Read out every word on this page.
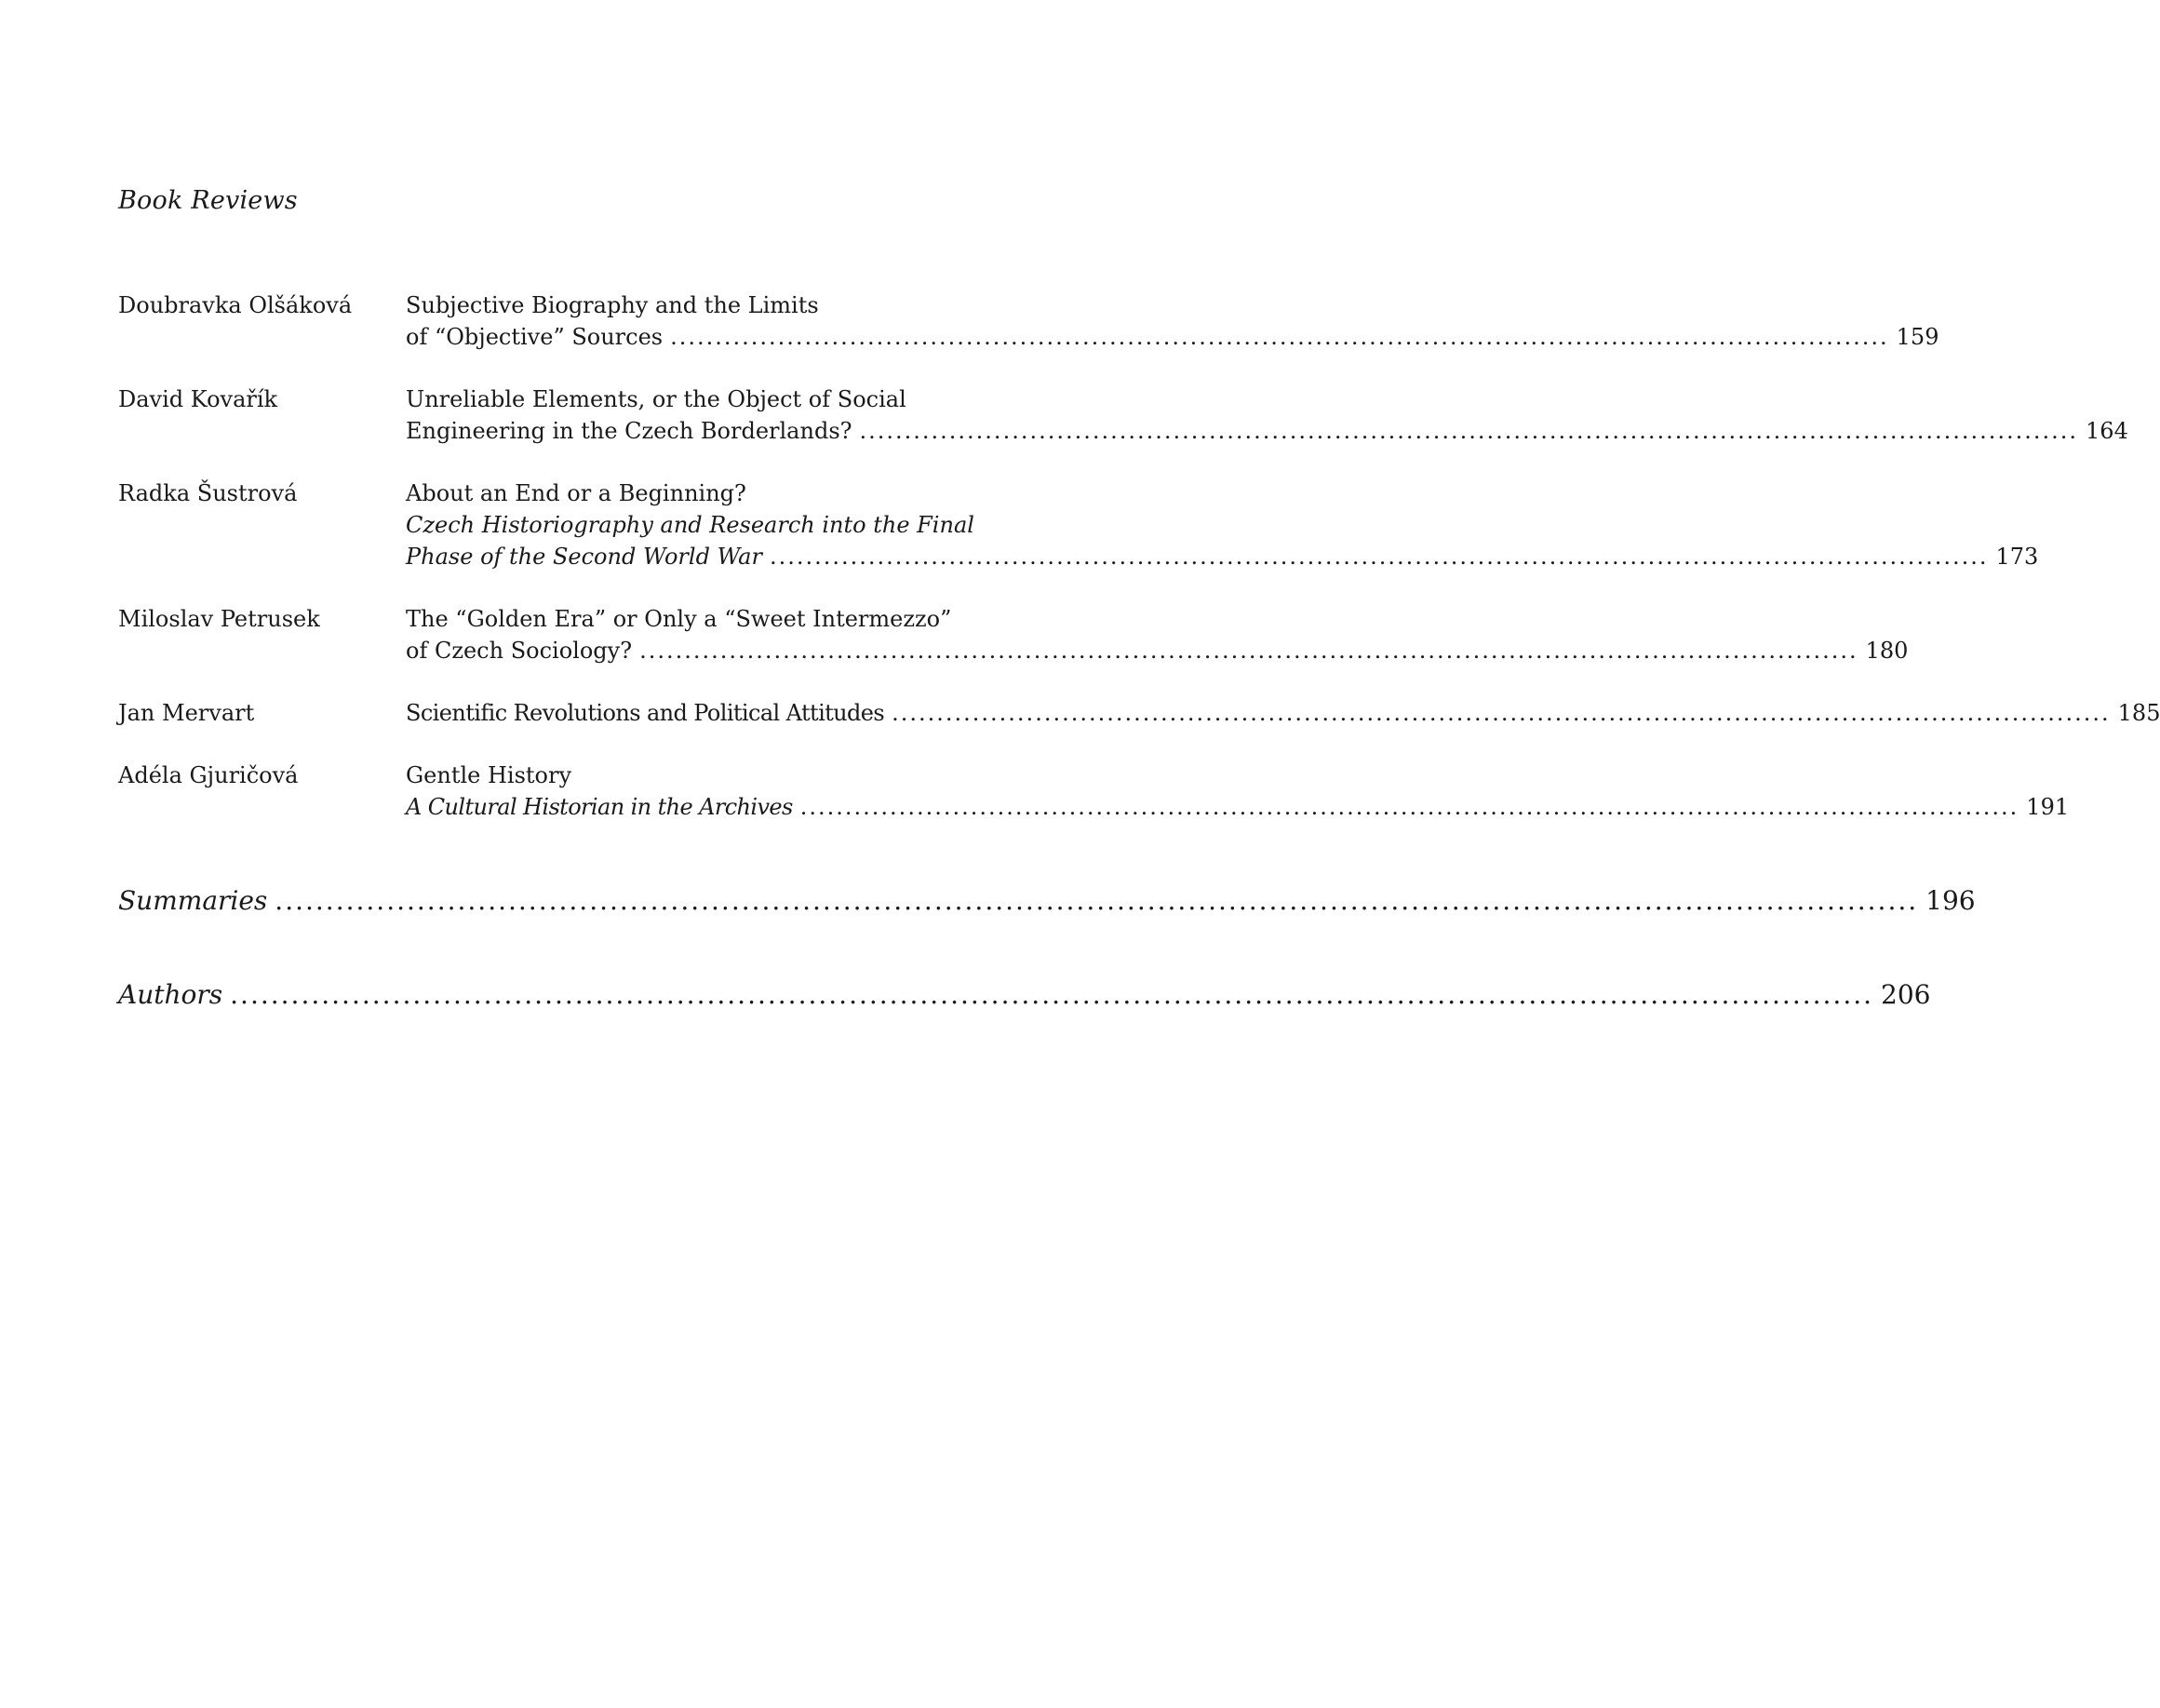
Book Reviews
Doubravka Olšáková Subjective Biography and the Limits
of “Objective” Sources ........................................................................................................................................ 159
David Kovařík	Unreliable Elements, or the Object of Social
Engineering in the Czech Borderlands? ........................................................................................................................................ 164
Radka Šustrová	About an End or a Beginning?
Czech Historiography and Research into the Final
Phase of the Second World War ........................................................................................................................................ 173
Miloslav Petrusek	The “Golden Era” or Only a “Sweet Intermezzo”
of Czech Sociology? ........................................................................................................................................ 180
Jan Mervart	Scientific Revolutions and Political Attitudes ........................................................................................................................................ 185
Adéla Gjuričová	Gentle History
A Cultural Historian in the Archives ........................................................................................................................................ 191
Summaries .................................................................................................................................................................. 196
Authors .................................................................................................................................................................. 206
